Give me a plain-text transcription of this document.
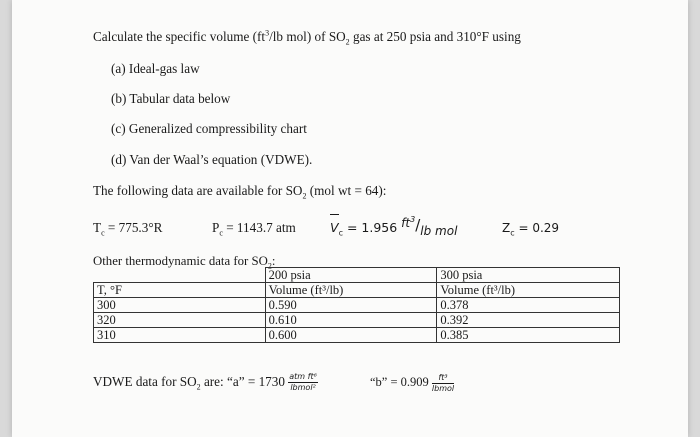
Calculate the specific volume ($ft^3/lb$ mol) of $SO_2$ gas at 250 psia and 310°F using
(a) Ideal-gas law
(b) Tabular data below
(c) Generalized compressibility chart
(d) Van der Waal’s equation (VDWE).
The following data are available for $SO_2$ (mol wt = 64):
$T_c = 775.3^\circ R$	$P_c = 1143.7$ atm	$V_c = 1.956$ $ft^3/lb$ mol	$Z_c = 0.29$
Other thermodynamic data for $SO_2$:
	200 psia	300 psia
T, °F	Volume (ft³/lb)	Volume (ft³/lb)
300	0.590	0.378
320	0.610	0.392
310	0.600	0.385
VDWE data for $SO_2$ are: “a” = $1730 \frac{\text{atm ft⁶}}{\text{lbmol²}}$	“b” = $0.909 \frac{\text{ft³}}{\text{lbmol}}$
